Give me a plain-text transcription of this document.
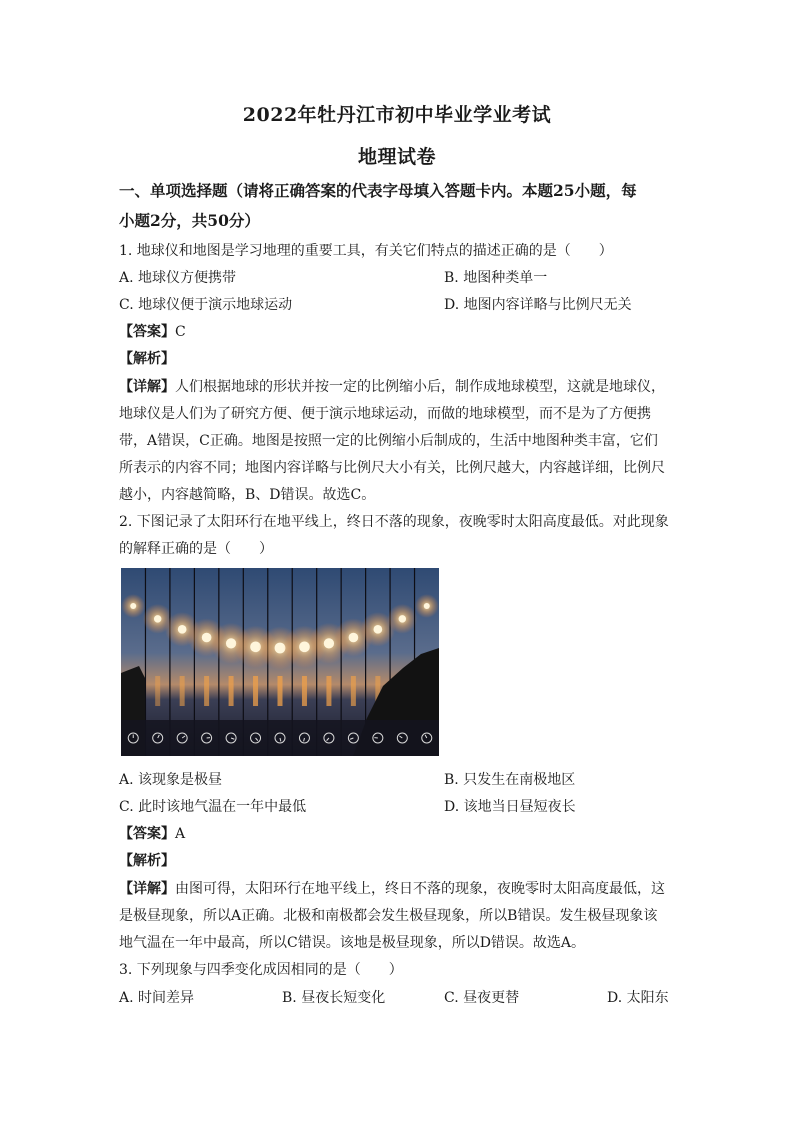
2022年牡丹江市初中毕业学业考试
地理试卷
一、单项选择题（请将正确答案的代表字母填入答题卡内。本题25小题，每
小题2分，共50分）
1. 地球仪和地图是学习地理的重要工具，有关它们特点的描述正确的是（　　）
A. 地球仪方便携带	B. 地图种类单一
C. 地球仪便于演示地球运动	D. 地图内容详略与比例尺无关
【答案】C
【解析】
【详解】人们根据地球的形状并按一定的比例缩小后，制作成地球模型，这就是地球仪，
地球仪是人们为了研究方便、便于演示地球运动，而做的地球模型，而不是为了方便携
带，A错误，C正确。地图是按照一定的比例缩小后制成的，生活中地图种类丰富，它们
所表示的内容不同；地图内容详略与比例尺大小有关，比例尺越大，内容越详细，比例尺
越小，内容越简略，B、D错误。故选C。
2. 下图记录了太阳环行在地平线上，终日不落的现象，夜晚零时太阳高度最低。对此现象
的解释正确的是（　　）
A. 该现象是极昼	B. 只发生在南极地区
C. 此时该地气温在一年中最低	D. 该地当日昼短夜长
【答案】A
【解析】
【详解】由图可得，太阳环行在地平线上，终日不落的现象，夜晚零时太阳高度最低，这
是极昼现象，所以A正确。北极和南极都会发生极昼现象，所以B错误。发生极昼现象该
地气温在一年中最高，所以C错误。该地是极昼现象，所以D错误。故选A。
3. 下列现象与四季变化成因相同的是（　　）
A. 时间差异	B. 昼夜长短变化	C. 昼夜更替	D. 太阳东
